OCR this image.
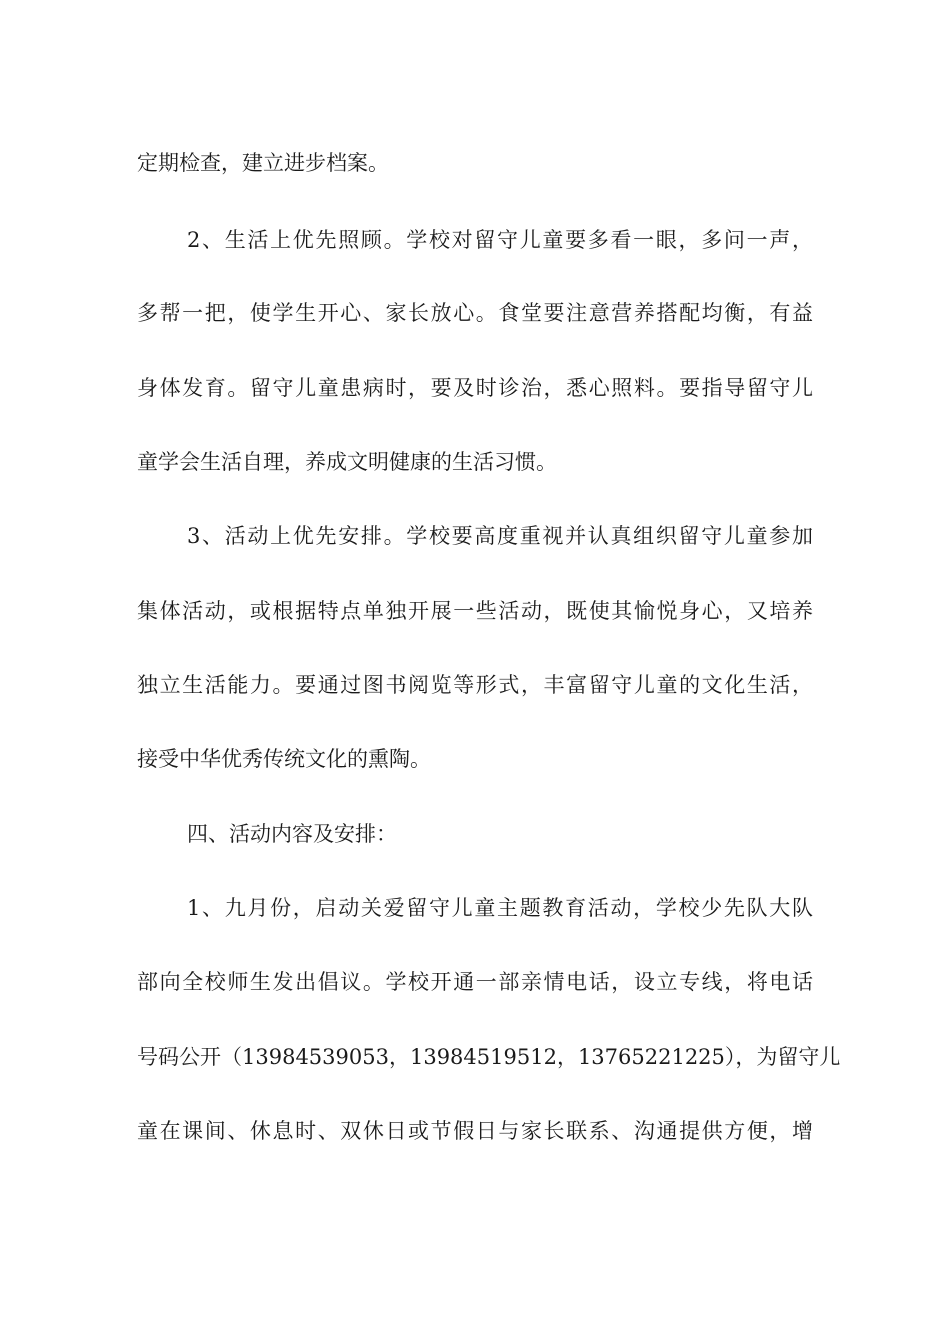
定期检查，建立进步档案。
2、生活上优先照顾。学校对留守儿童要多看一眼，多问一声，
多帮一把，使学生开心、家长放心。食堂要注意营养搭配均衡，有益
身体发育。留守儿童患病时，要及时诊治，悉心照料。要指导留守儿
童学会生活自理，养成文明健康的生活习惯。
3、活动上优先安排。学校要高度重视并认真组织留守儿童参加
集体活动，或根据特点单独开展一些活动，既使其愉悦身心，又培养
独立生活能力。要通过图书阅览等形式，丰富留守儿童的文化生活，
接受中华优秀传统文化的熏陶。
四、活动内容及安排：
1、九月份，启动关爱留守儿童主题教育活动，学校少先队大队
部向全校师生发出倡议。学校开通一部亲情电话，设立专线，将电话
号码公开（13984539053，13984519512，13765221225），为留守儿
童在课间、休息时、双休日或节假日与家长联系、沟通提供方便，增
